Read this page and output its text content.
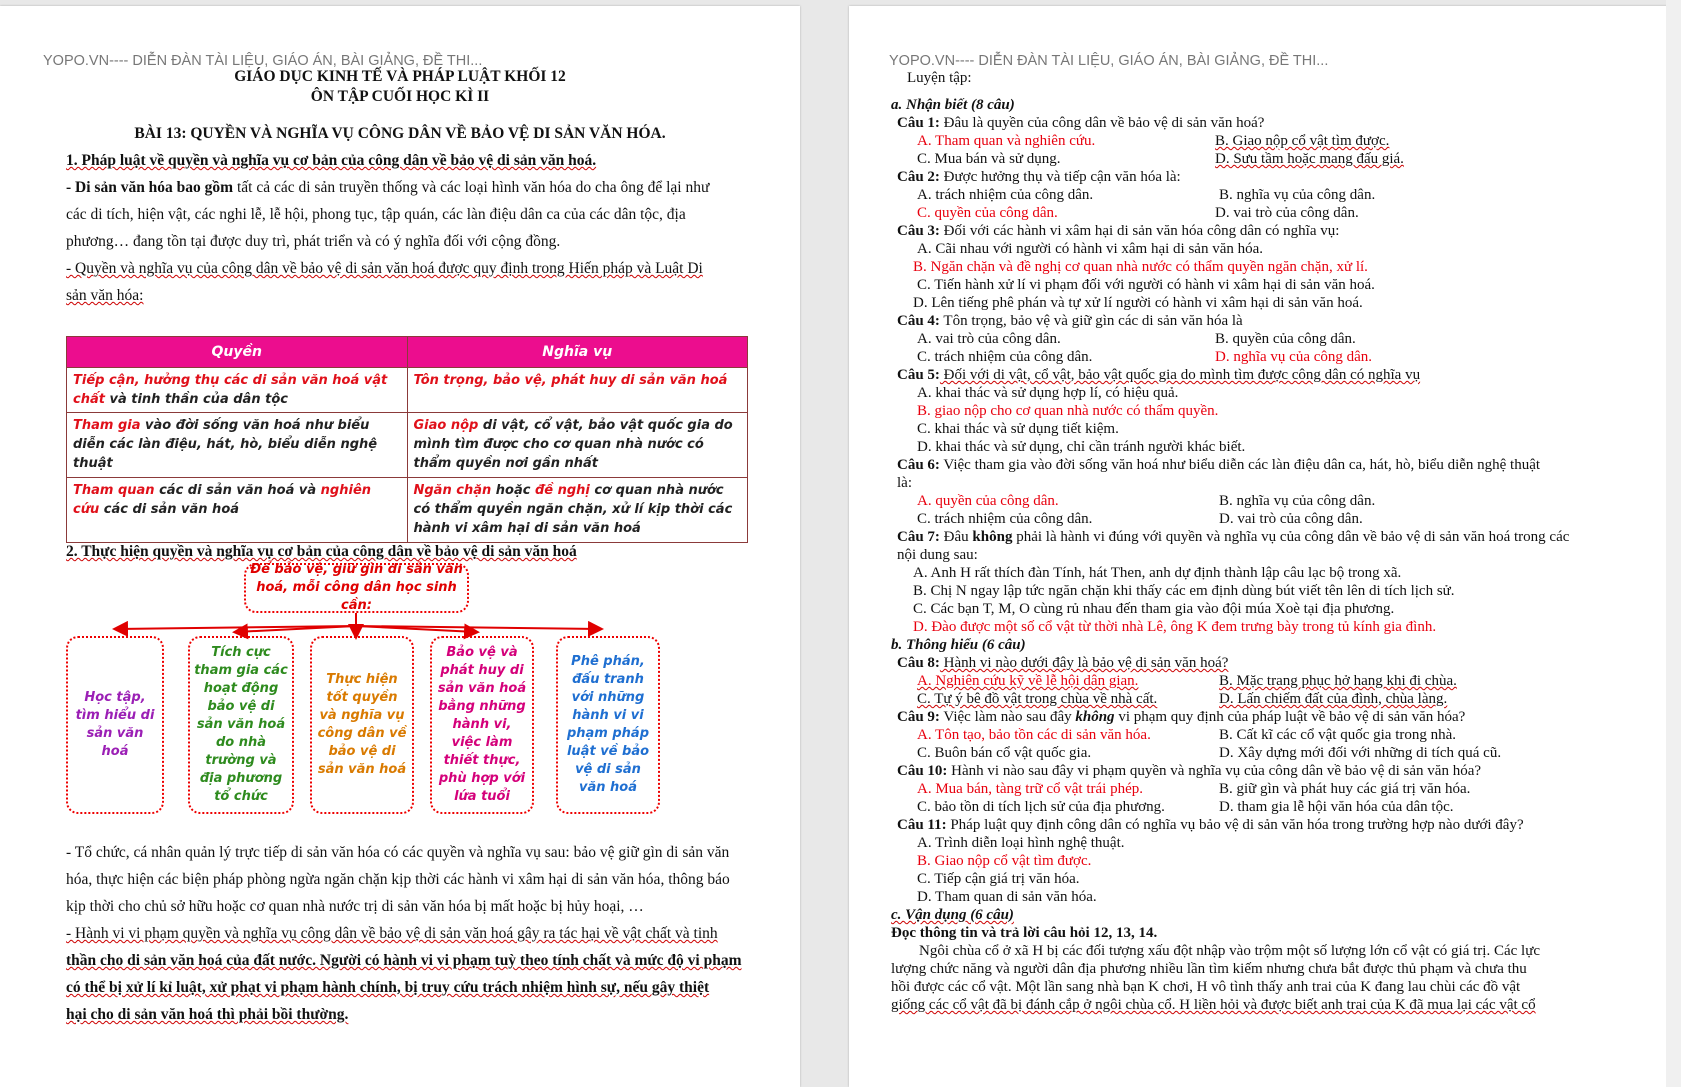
YOPO.VN---- DIỄN ĐÀN TÀI LIỆU, GIÁO ÁN, BÀI GIẢNG, ĐỀ THI...
GIÁO DỤC KINH TẾ VÀ PHÁP LUẬT KHỐI 12
ÔN TẬP CUỐI HỌC KÌ II
BÀI 13: QUYỀN VÀ NGHĨA VỤ CÔNG DÂN VỀ BẢO VỆ DI SẢN VĂN HÓA.
1. Pháp luật về quyền và nghĩa vụ cơ bản của công dân về bảo vệ di sản văn hoá.
- Di sản văn hóa bao gồm tất cả các di sản truyền thống và các loại hình văn hóa do cha ông để lại như
các di tích, hiện vật, các nghi lễ, lễ hội, phong tục, tập quán, các làn điệu dân ca của các dân tộc, địa
phương… đang tồn tại được duy trì, phát triển và có ý nghĩa đối với cộng đồng.
- Quyền và nghĩa vụ của công dân về bảo vệ di sản văn hoá được quy định trong Hiến pháp và Luật Di
sản văn hóa:
Quyền	Nghĩa vụ
Tiếp cận, hưởng thụ các di sản văn hoá vật chất và tinh thần của dân tộc	Tôn trọng, bảo vệ, phát huy di sản văn hoá
Tham gia vào đời sống văn hoá như biểu diễn các làn điệu, hát, hò, biểu diễn nghệ thuật	Giao nộp di vật, cổ vật, bảo vật quốc gia do mình tìm được cho cơ quan nhà nước có thẩm quyền nơi gần nhất
Tham quan các di sản văn hoá và nghiên cứu các di sản văn hoá	Ngăn chặn hoặc đề nghị cơ quan nhà nước có thẩm quyền ngăn chặn, xử lí kịp thời các hành vi xâm hại di sản văn hoá
2. Thực hiện quyền và nghĩa vụ cơ bản của công dân về bảo vệ di sản văn hoá
Để bảo vệ, giữ gìn di sản văn hoá, mỗi công dân học sinh cần:
Học tập, tìm hiểu di sản văn hoá
Tích cực tham gia các hoạt động bảo vệ di sản văn hoá do nhà trường và địa phương tổ chức
Thực hiện tốt quyền và nghĩa vụ công dân về bảo vệ di sản văn hoá
Bảo vệ và phát huy di sản văn hoá bằng những hành vi, việc làm thiết thực, phù hợp với lứa tuổi
Phê phán, đấu tranh với những hành vi vi phạm pháp luật về bảo vệ di sản văn hoá
- Tổ chức, cá nhân quản lý trực tiếp di sản văn hóa có các quyền và nghĩa vụ sau: bảo vệ giữ gìn di sản văn
hóa, thực hiện các biện pháp phòng ngừa ngăn chặn kịp thời các hành vi xâm hại di sản văn hóa, thông báo
kịp thời cho chủ sở hữu hoặc cơ quan nhà nước trị di sản văn hóa bị mất hoặc bị hủy hoại, …
- Hành vi vi phạm quyền và nghĩa vụ công dân về bảo vệ di sản văn hoá gây ra tác hại về vật chất và tinh
thần cho di sản văn hoá của đất nước. Người có hành vi vi phạm tuỳ theo tính chất và mức độ vi phạm
có thể bị xử lí kỉ luật, xử phạt vi phạm hành chính, bị truy cứu trách nhiệm hình sự, nếu gây thiệt
hại cho di sản văn hoá thì phải bồi thường.
YOPO.VN---- DIỄN ĐÀN TÀI LIỆU, GIÁO ÁN, BÀI GIẢNG, ĐỀ THI...
Luyện tập:
a. Nhận biết (8 câu)
Câu 1: Đâu là quyền của công dân về bảo vệ di sản văn hoá?
A. Tham quan và nghiên cứu.	B. Giao nộp cổ vật tìm được.
C. Mua bán và sử dụng.	D. Sưu tầm hoặc mang đấu giá.
Câu 2: Được hưởng thụ và tiếp cận văn hóa là:
A. trách nhiệm của công dân.	B. nghĩa vụ của công dân.
C. quyền của công dân.	D. vai trò của công dân.
Câu 3: Đối với các hành vi xâm hại di sản văn hóa công dân có nghĩa vụ:
A. Cãi nhau với người có hành vi xâm hại di sản văn hóa.
B. Ngăn chặn và đề nghị cơ quan nhà nước có thẩm quyền ngăn chặn, xử lí.
C. Tiến hành xử lí vi phạm đối với người có hành vi xâm hại di sản văn hoá.
D. Lên tiếng phê phán và tự xử lí người có hành vi xâm hại di sản văn hoá.
Câu 4: Tôn trọng, bảo vệ và giữ gìn các di sản văn hóa là
A. vai trò của công dân.	B. quyền của công dân.
C. trách nhiệm của công dân.	D. nghĩa vụ của công dân.
Câu 5: Đối với di vật, cổ vật, bảo vật quốc gia do mình tìm được công dân có nghĩa vụ
A. khai thác và sử dụng hợp lí, có hiệu quả.
B. giao nộp cho cơ quan nhà nước có thẩm quyền.
C. khai thác và sử dụng tiết kiệm.
D. khai thác và sử dụng, chỉ cần tránh người khác biết.
Câu 6: Việc tham gia vào đời sống văn hoá như biểu diễn các làn điệu dân ca, hát, hò, biểu diễn nghệ thuật
là:
A. quyền của công dân.	B. nghĩa vụ của công dân.
C. trách nhiệm của công dân.	D. vai trò của công dân.
Câu 7: Đâu không phải là hành vi đúng với quyền và nghĩa vụ của công dân về bảo vệ di sản văn hoá trong các
nội dung sau:
A. Anh H rất thích đàn Tính, hát Then, anh dự định thành lập câu lạc bộ trong xã.
B. Chị N ngay lập tức ngăn chặn khi thấy các em định dùng bút viết tên lên di tích lịch sử.
C. Các bạn T, M, O cùng rủ nhau đến tham gia vào đội múa Xoè tại địa phương.
D. Đào được một số cổ vật từ thời nhà Lê, ông K đem trưng bày trong tủ kính gia đình.
b. Thông hiểu (6 câu)
Câu 8: Hành vi nào dưới đây là bảo vệ di sản văn hoá?
A. Nghiên cứu kỹ về lễ hội dân gian.	B. Mặc trang phục hở hang khi đi chùa.
C. Tự ý bê đồ vật trong chùa về nhà cất.	D. Lấn chiếm đất của đình, chùa làng.
Câu 9: Việc làm nào sau đây không vi phạm quy định của pháp luật về bảo vệ di sản văn hóa?
A. Tôn tạo, bảo tồn các di sản văn hóa.	B. Cất kĩ các cổ vật quốc gia trong nhà.
C. Buôn bán cổ vật quốc gia.	D. Xây dựng mới đối với những di tích quá cũ.
Câu 10: Hành vi nào sau đây vi phạm quyền và nghĩa vụ của công dân về bảo vệ di sản văn hóa?
A. Mua bán, tàng trữ cổ vật trái phép.	B. giữ gìn và phát huy các giá trị văn hóa.
C. bảo tồn di tích lịch sử của địa phương.	D. tham gia lễ hội văn hóa của dân tộc.
Câu 11: Pháp luật quy định công dân có nghĩa vụ bảo vệ di sản văn hóa trong trường hợp nào dưới đây?
A. Trình diễn loại hình nghệ thuật.
B. Giao nộp cổ vật tìm được.
C. Tiếp cận giá trị văn hóa.
D. Tham quan di sản văn hóa.
c. Vận dụng (6 câu)
Đọc thông tin và trả lời câu hỏi 12, 13, 14.
Ngôi chùa cổ ở xã H bị các đối tượng xấu đột nhập vào trộm một số lượng lớn cổ vật có giá trị. Các lực
lượng chức năng và người dân địa phương nhiều lần tìm kiếm nhưng chưa bắt được thủ phạm và chưa thu
hồi được các cổ vật. Một lần sang nhà bạn K chơi, H vô tình thấy anh trai của K đang lau chùi các đồ vật
giống các cổ vật đã bị đánh cắp ở ngôi chùa cổ. H liền hỏi và được biết anh trai của K đã mua lại các vật cổ
